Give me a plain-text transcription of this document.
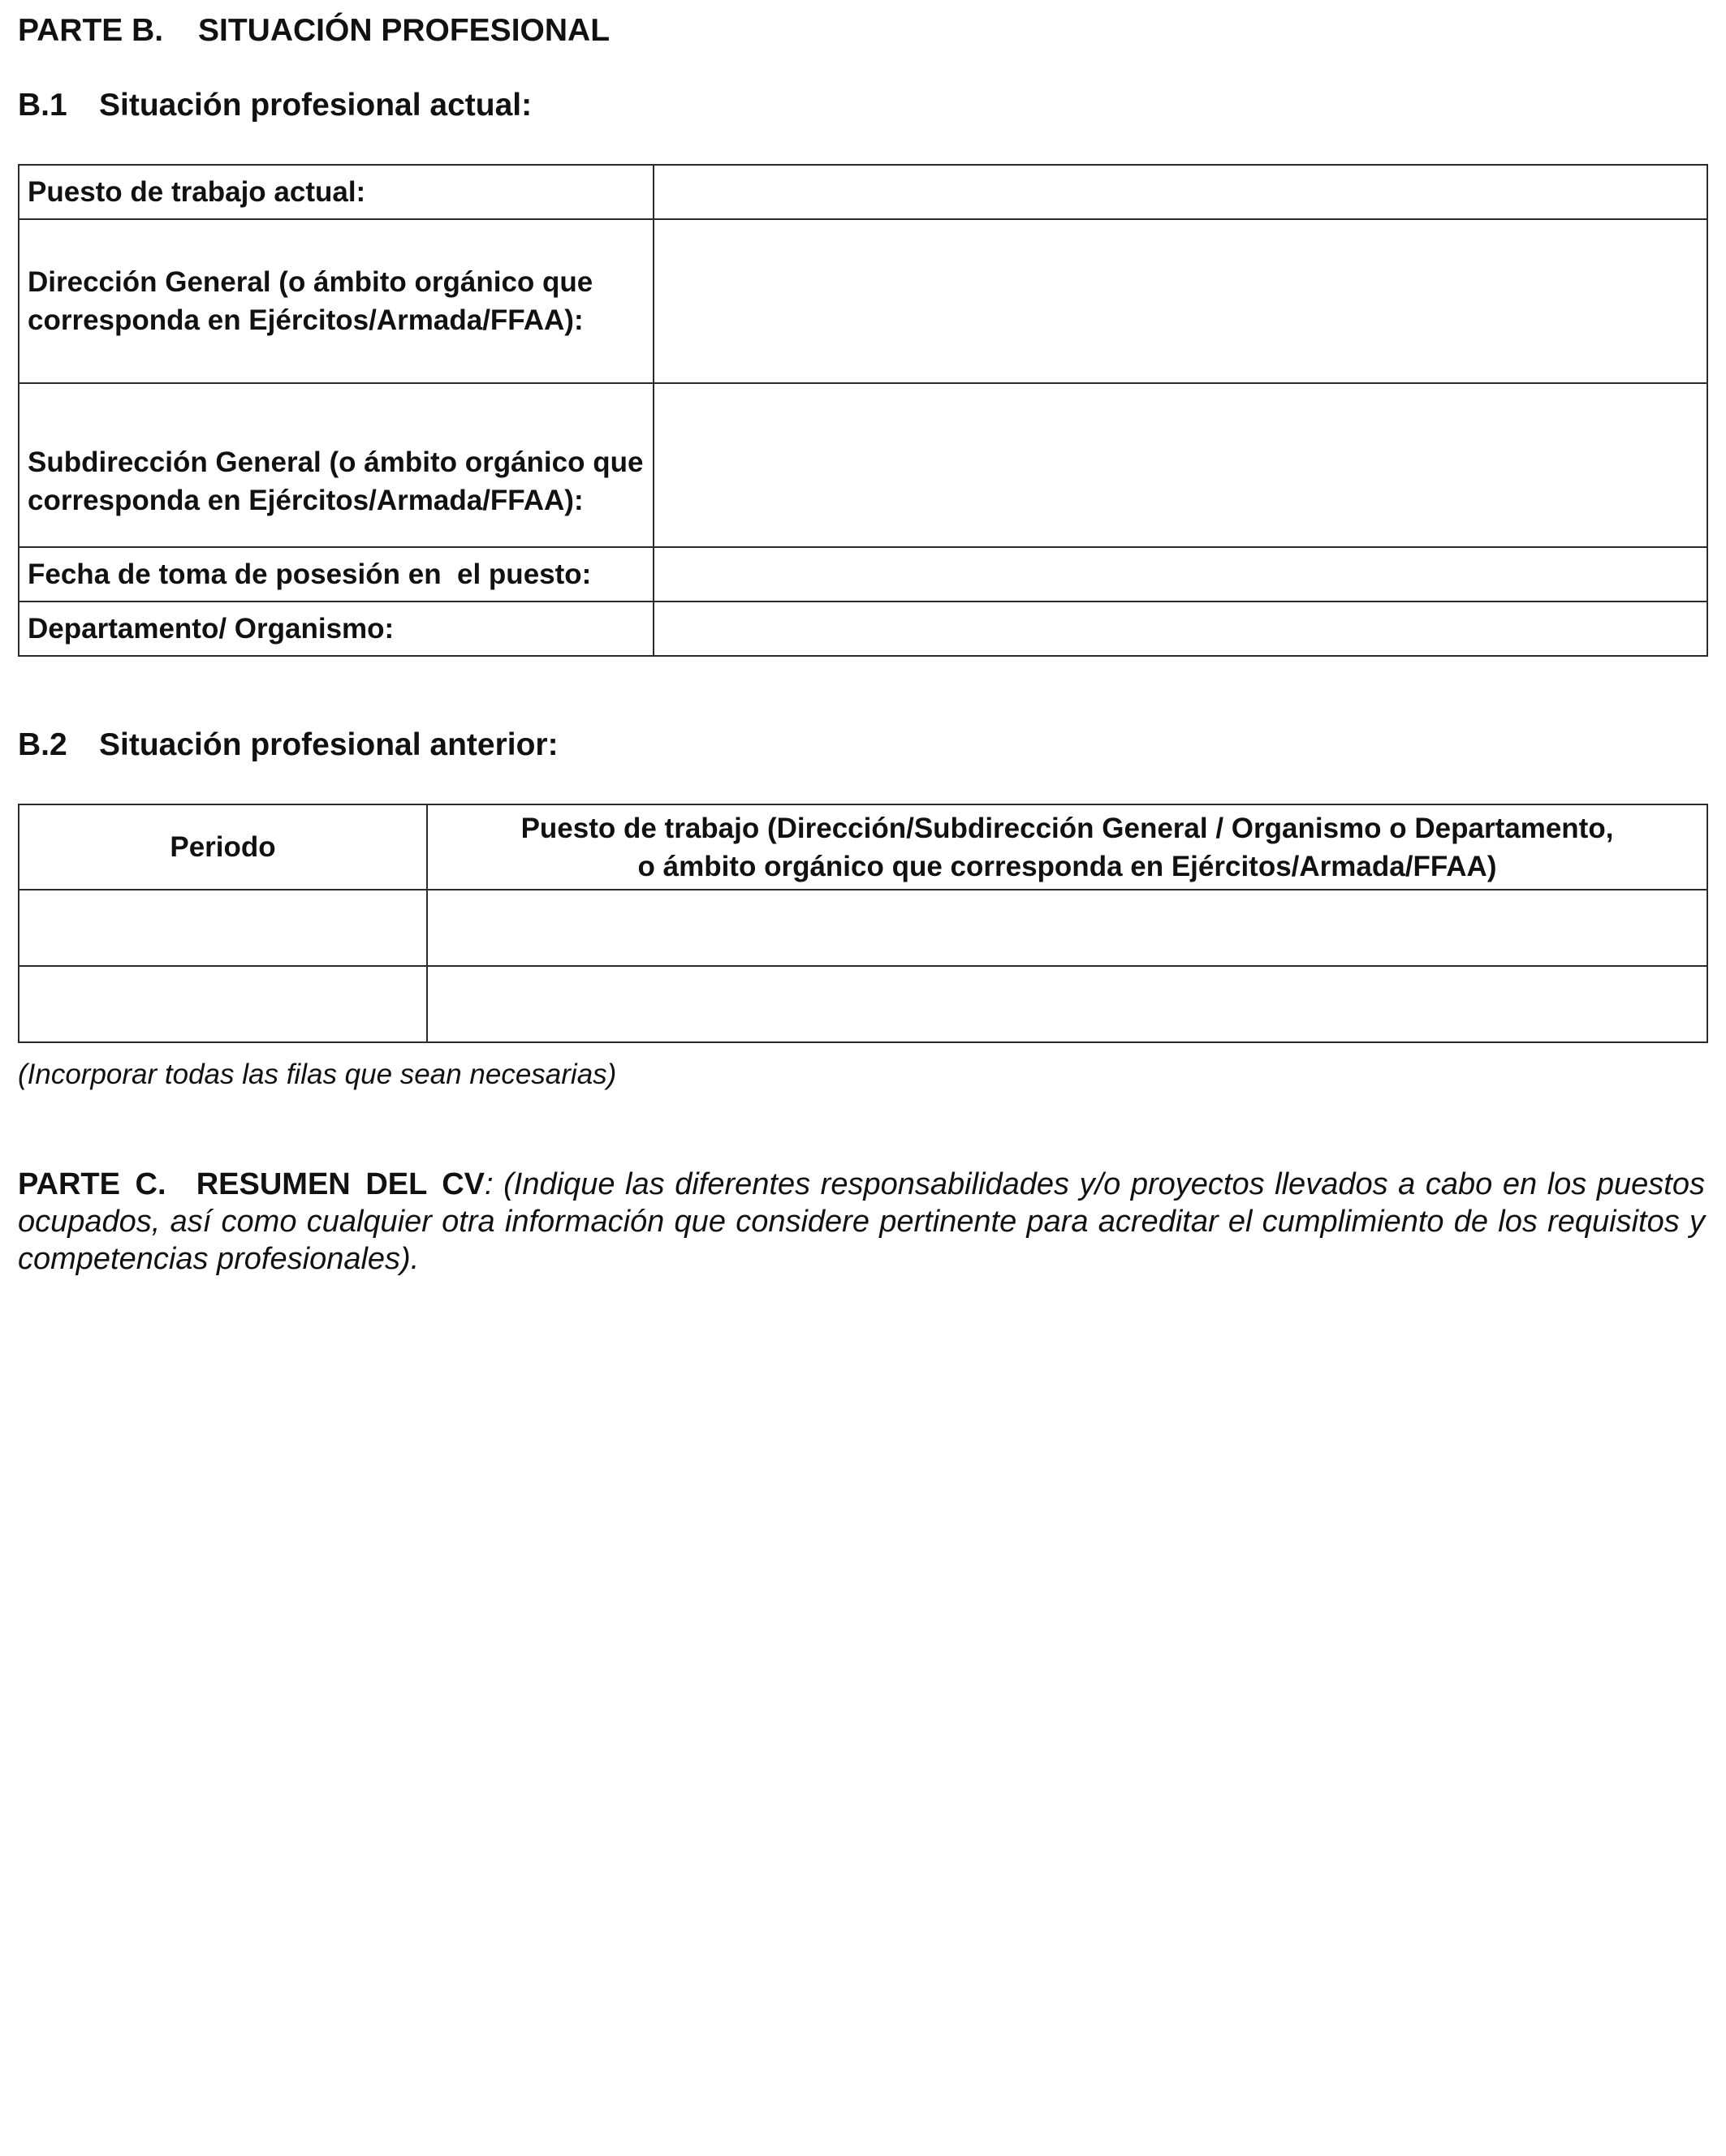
PARTE B. SITUACIÓN PROFESIONAL
B.1 Situación profesional actual:
Puesto de trabajo actual:	
Dirección General (o ámbito orgánico que corresponda en Ejércitos/Armada/FFAA):	
Subdirección General (o ámbito orgánico que corresponda en Ejércitos/Armada/FFAA):	
Fecha de toma de posesión en  el puesto:	
Departamento/ Organismo:	
B.2 Situación profesional anterior:
Periodo	Puesto de trabajo (Dirección/Subdirección General / Organismo o Departamento,
o ámbito orgánico que corresponda en Ejércitos/Armada/FFAA)

(Incorporar todas las filas que sean necesarias)
PARTE C.  RESUMEN DEL CV: (Indique las diferentes responsabilidades y/o proyectos llevados a cabo en los puestos ocupados, así como cualquier otra información que considere pertinente para acreditar el cumplimiento de los requisitos y competencias profesionales).
